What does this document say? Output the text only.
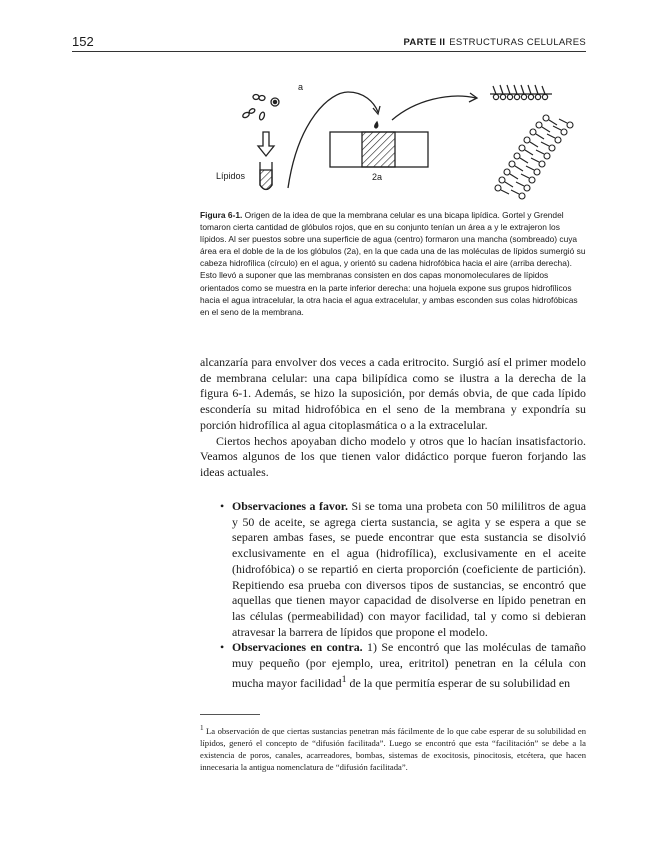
152	PARTE II ESTRUCTURAS CELULARES
a
2a
Lípidos
Figura 6-1. Origen de la idea de que la membrana celular es una bicapa lipídica. Gortel y Grendel tomaron cierta cantidad de glóbulos rojos, que en su conjunto tenían un área a y le extrajeron los lípidos. Al ser puestos sobre una superficie de agua (centro) formaron una mancha (sombreado) cuya área era el doble de la de los glóbulos (2a), en la que cada una de las moléculas de lípidos sumergió su cabeza hidrofílica (círculo) en el agua, y orientó su cadena hidrofóbica hacia el aire (arriba derecha). Esto llevó a suponer que las membranas consisten en dos capas monomoleculares de lípidos orientados como se muestra en la parte inferior derecha: una hojuela expone sus grupos hidrofílicos hacia el agua intracelular, la otra hacia el agua extracelular, y ambas esconden sus colas hidrofóbicas en el seno de la membrana.

alcanzaría para envolver dos veces a cada eritrocito. Surgió así el primer modelo de membrana celular: una capa bilipídica como se ilustra a la derecha de la figura 6-1. Además, se hizo la suposición, por demás obvia, de que cada lípido escondería su mitad hidrofóbica en el seno de la membrana y expondría su porción hidrofílica al agua citoplasmática o a la extracelular.

Ciertos hechos apoyaban dicho modelo y otros que lo hacían insatisfactorio. Veamos algunos de los que tienen valor didáctico porque fueron forjando las ideas actuales.

• Observaciones a favor. Si se toma una probeta con 50 mililitros de agua y 50 de aceite, se agrega cierta sustancia, se agita y se espera a que se separen ambas fases, se puede encontrar que esta sustancia se disolvió exclusivamente en el agua (hidrofílica), exclusivamente en el aceite (hidrofóbica) o se repartió en cierta proporción (coeficiente de partición). Repitiendo esa prueba con diversos tipos de sustancias, se encontró que aquellas que tienen mayor capacidad de disolverse en lípido penetran en las células (permeabilidad) con mayor facilidad, tal y como si debieran atravesar la barrera de lípidos que propone el modelo.
• Observaciones en contra. 1) Se encontró que las moléculas de tamaño muy pequeño (por ejemplo, urea, eritritol) penetran en la célula con mucha mayor facilidad$^1$ de la que permitía esperar de su solubilidad en
$^1$ La observación de que ciertas sustancias penetran más fácilmente de lo que cabe esperar de su solubilidad en lípidos, generó el concepto de “difusión facilitada”. Luego se encontró que esta “facilitación” se debe a la existencia de poros, canales, acarreadores, bombas, sistemas de exocitosis, pinocitosis, etcétera, que hacen innecesaria la antigua nomenclatura de “difusión facilitada”.
